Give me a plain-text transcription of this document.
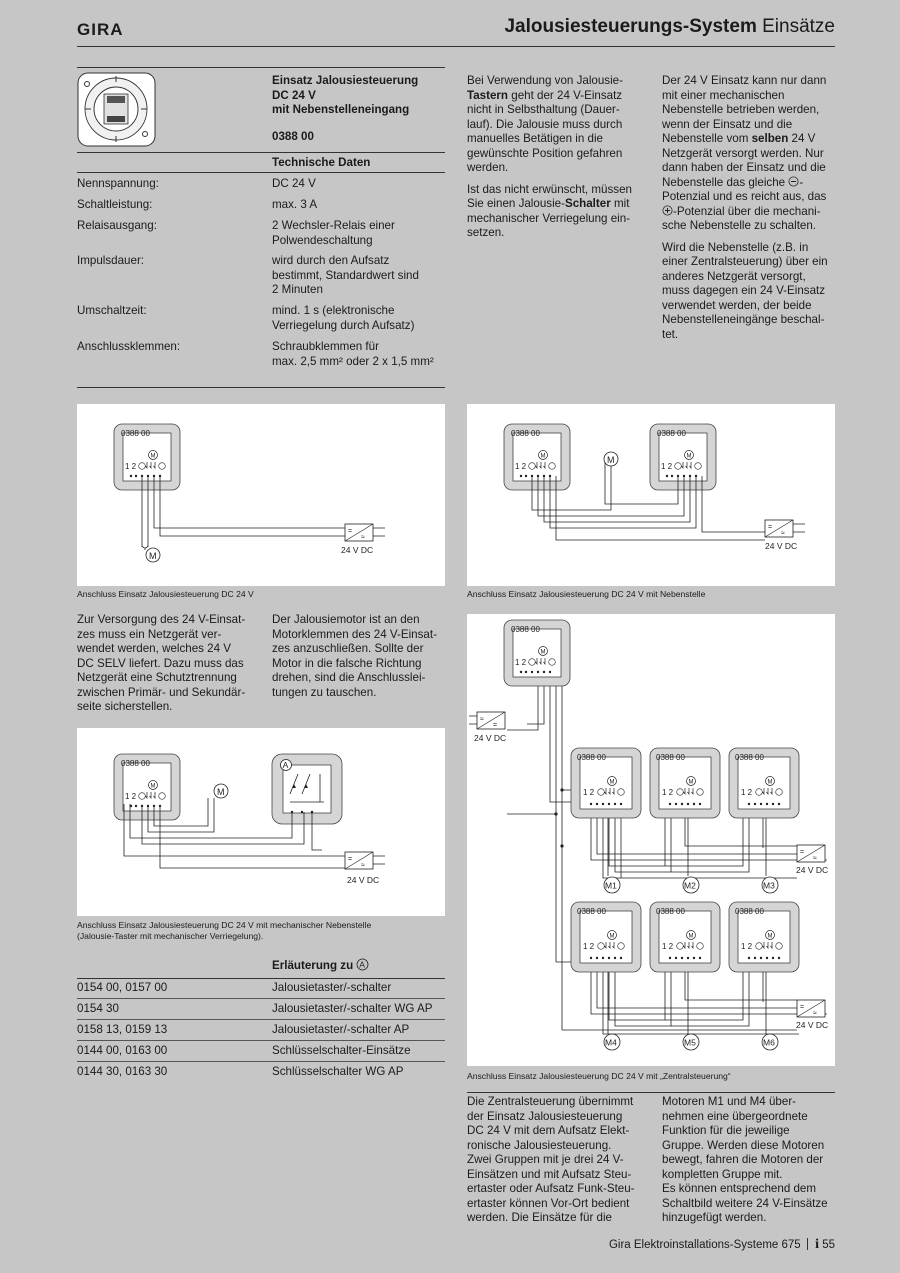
GIRA	Jalousiesteuerungs-System Einsätze
Einsatz Jalousiesteuerung
DC 24 V
mit Nebenstelleneingang
0388 00
Technische Daten
Nennspannung:	DC 24 V
Schaltleistung:	max. 3 A
Relaisausgang:	2 Wechsler-Relais einer
Polwendeschaltung
Impulsdauer:	wird durch den Aufsatz
bestimmt, Standardwert sind
2 Minuten
Umschaltzeit:	mind. 1 s (elektronische
Verriegelung durch Aufsatz)
Anschlussklemmen:	Schraubklemmen für
max. 2,5 mm² oder 2 x 1,5 mm²
Bei Verwendung von Jalousie-
Tastern geht der 24 V-Einsatz
nicht in Selbsthaltung (Dauer-
lauf). Die Jalousie muss durch
manuelles Betätigen in die
gewünschte Position gefahren
werden.
Ist das nicht erwünscht, müssen
Sie einen Jalousie-Schalter mit
mechanischer Verriegelung ein-
setzen.
Der 24 V Einsatz kann nur dann
mit einer mechanischen
Nebenstelle betrieben werden,
wenn der Einsatz und die
Nebenstelle vom selben 24 V
Netzgerät versorgt werden. Nur
dann haben der Einsatz und die
Nebenstelle das gleiche -
Potenzial und es reicht aus, das
-Potenzial über die mechani-
sche Nebenstelle zu schalten.
Wird die Nebenstelle (z.B. in
einer Zentralsteuerung) über ein
anderes Netzgerät versorgt,
muss dagegen ein 24 V-Einsatz
verwendet werden, der beide
Nebenstelleneingänge beschal-
tet.
0388 00
M
1 2
M
=
≈
24 V DC
Anschluss Einsatz Jalousiesteuerung DC 24 V
0388 00
M
1 2
0388 00
M
1 2
M
=
≈
24 V DC
Anschluss Einsatz Jalousiesteuerung DC 24 V mit Nebenstelle
Zur Versorgung des 24 V-Einsat-
zes muss ein Netzgerät ver-
wendet werden, welches 24 V
DC SELV liefert. Dazu muss das
Netzgerät eine Schutztrennung
zwischen Primär- und Sekundär-
seite sicherstellen.
Der Jalousiemotor ist an den
Motorklemmen des 24 V-Einsat-
zes anzuschließen. Sollte der
Motor in die falsche Richtung
drehen, sind die Anschlusslei-
tungen zu tauschen.
0388 00
M
1 2
A
M
=
≈
24 V DC
Anschluss Einsatz Jalousiesteuerung DC 24 V mit mechanischer Nebenstelle
(Jalousie-Taster mit mechanischer Verriegelung).
Erläuterung zu A
0154 00, 0157 00	Jalousietaster/-schalter
0154 30	Jalousietaster/-schalter WG AP
0158 13, 0159 13	Jalousietaster/-schalter AP
0144 00, 0163 00	Schlüsselschalter-Einsätze
0144 30, 0163 30	Schlüsselschalter WG AP
0388 00
M
1 2
≈
=
24 V DC
0388 00
M
1 2
0388 00
M
1 2
0388 00
M
1 2
=
≈
24 V DC
M1	M2	M3
0388 00
M
1 2
0388 00
M
1 2
0388 00
M
1 2
=
≈
24 V DC
M4	M5	M6
Anschluss Einsatz Jalousiesteuerung DC 24 V mit „Zentralsteuerung“
Die Zentralsteuerung übernimmt
der Einsatz Jalousiesteuerung
DC 24 V mit dem Aufsatz Elekt-
ronische Jalousiesteuerung.
Zwei Gruppen mit je drei 24 V-
Einsätzen und mit Aufsatz Steu-
ertaster oder Aufsatz Funk-Steu-
ertaster können Vor-Ort bedient
werden. Die Einsätze für die
Motoren M1 und M4 über-
nehmen eine übergeordnete
Funktion für die jeweilige
Gruppe. Werden diese Motoren
bewegt, fahren die Motoren der
kompletten Gruppe mit.
Es können entsprechend dem
Schaltbild weitere 24 V-Einsätze
hinzugefügt werden.
Gira Elektroinstallations-Systeme 675 i 55
